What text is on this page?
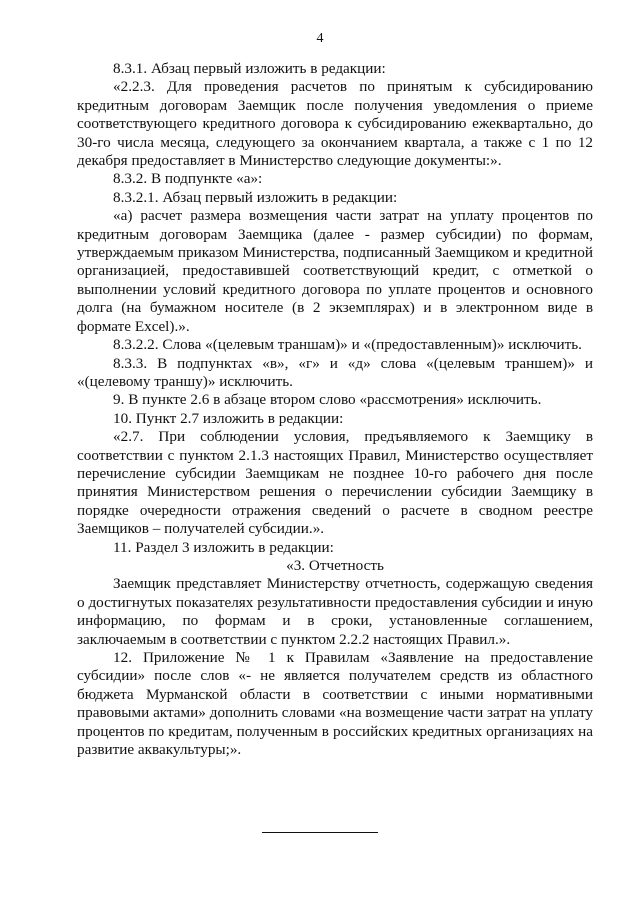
4

8.3.1. Абзац первый изложить в редакции:

«2.2.3. Для проведения расчетов по принятым к субсидированию кредитным договорам Заемщик после получения уведомления о приеме соответствующего кредитного договора к субсидированию ежеквартально, до 30-го числа месяца, следующего за окончанием квартала, а также с 1 по 12 декабря предоставляет в Министерство следующие документы:».

8.3.2. В подпункте «а»:

8.3.2.1. Абзац первый изложить в редакции:

«а) расчет размера возмещения части затрат на уплату процентов по кредитным договорам Заемщика (далее - размер субсидии) по формам, утверждаемым приказом Министерства, подписанный Заемщиком и кредитной организацией, предоставившей соответствующий кредит, с отметкой о выполнении условий кредитного договора по уплате процентов и основного долга (на бумажном носителе (в 2 экземплярах) и в электронном виде в формате Excel).».

8.3.2.2. Слова «(целевым траншам)» и «(предоставленным)» исключить.

8.3.3. В подпунктах «в», «г» и «д» слова «(целевым траншем)» и «(целевому траншу)» исключить.

9. В пункте 2.6 в абзаце втором слово «рассмотрения» исключить.

10. Пункт 2.7 изложить в редакции:

«2.7. При соблюдении условия, предъявляемого к Заемщику в соответствии с пунктом 2.1.3 настоящих Правил, Министерство осуществляет перечисление субсидии Заемщикам не позднее 10-го рабочего дня после принятия Министерством решения о перечислении субсидии Заемщику в порядке очередности отражения сведений о расчете в сводном реестре Заемщиков – получателей субсидии.».

11. Раздел 3 изложить в редакции:

«3. Отчетность

Заемщик представляет Министерству отчетность, содержащую сведения о достигнутых показателях результативности предоставления субсидии и иную информацию, по формам и в сроки, установленные соглашением, заключаемым в соответствии с пунктом 2.2.2 настоящих Правил.».

12. Приложение № 1 к Правилам «Заявление на предоставление субсидии» после слов «- не является получателем средств из областного бюджета Мурманской области в соответствии с иными нормативными правовыми актами» дополнить словами «на возмещение части затрат на уплату процентов по кредитам, полученным в российских кредитных организациях на развитие аквакультуры;».
